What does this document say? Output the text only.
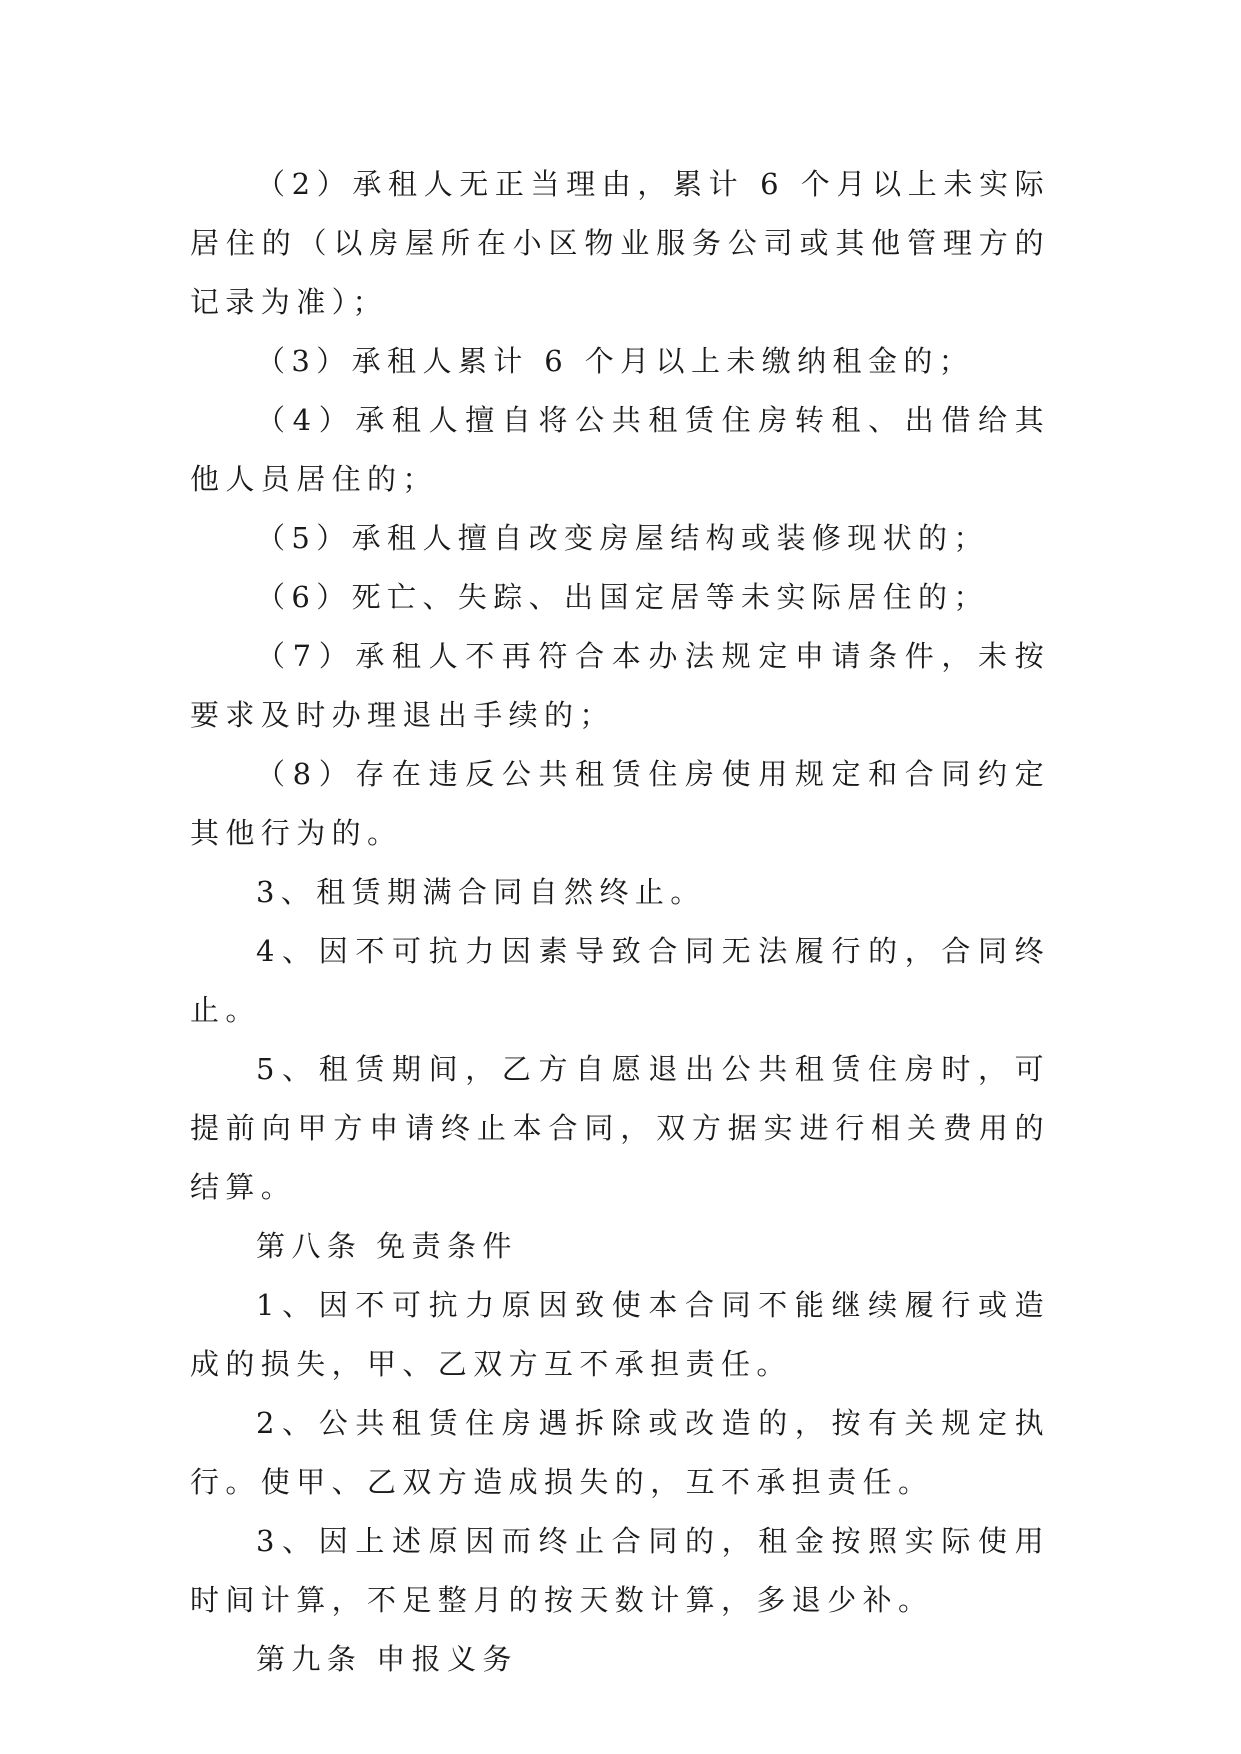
（2）承租人无正当理由，累计 6 个月以上未实际居住的（以房屋所在小区物业服务公司或其他管理方的记录为准）；

（3）承租人累计 6 个月以上未缴纳租金的；

（4）承租人擅自将公共租赁住房转租、出借给其他人员居住的；

（5）承租人擅自改变房屋结构或装修现状的；

（6）死亡、失踪、出国定居等未实际居住的；

（7）承租人不再符合本办法规定申请条件，未按要求及时办理退出手续的；

（8）存在违反公共租赁住房使用规定和合同约定其他行为的。

3、租赁期满合同自然终止。

4、因不可抗力因素导致合同无法履行的，合同终止。

5、租赁期间，乙方自愿退出公共租赁住房时，可提前向甲方申请终止本合同，双方据实进行相关费用的结算。

第八条 免责条件

1、因不可抗力原因致使本合同不能继续履行或造成的损失，甲、乙双方互不承担责任。

2、公共租赁住房遇拆除或改造的，按有关规定执行。使甲、乙双方造成损失的，互不承担责任。

3、因上述原因而终止合同的，租金按照实际使用时间计算，不足整月的按天数计算，多退少补。

第九条 申报义务
